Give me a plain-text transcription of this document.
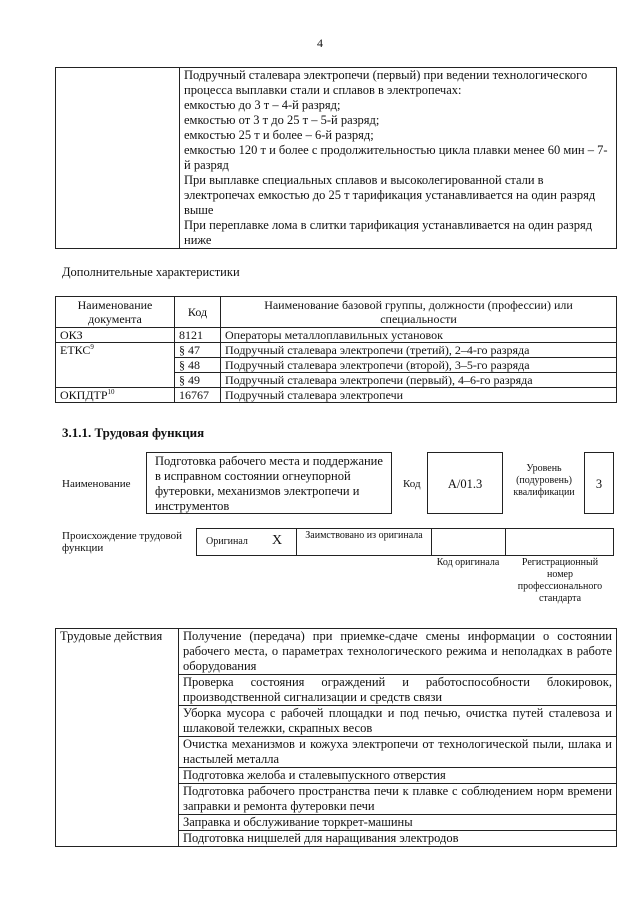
4

Подручный сталевара электропечи (первый) при ведении технологического процесса выплавки стали и сплавов в электропечах:

емкостью до 3 т – 4-й разряд;

емкостью от 3 т до 25 т – 5-й разряд;

емкостью 25 т и более – 6-й разряд;

емкостью 120 т и более с продолжительностью цикла плавки менее 60 мин – 7-й разряд

При выплавке специальных сплавов и высоколегированной стали в электропечах емкостью до 25 т тарификация устанавливается на один разряд выше

При переплавке лома в слитки тарификация устанавливается на один разряд ниже

Дополнительные характеристики
Наименование документа	Код	Наименование базовой группы, должности (профессии) или специальности
ОКЗ	8121	Операторы металлоплавильных установок
ЕТКС$^9$	§ 47	Подручный сталевара электропечи (третий), 2–4-го разряда
	§ 48	Подручный сталевара электропечи (второй), 3–5-го разряда
	§ 49	Подручный сталевара электропечи (первый), 4–6-го разряда
ОКПДТР$^{10}$	16767	Подручный сталевара электропечи
3.1.1. Трудовая функция
Наименование
Подготовка рабочего места и поддержание в исправном состоянии огнеупорной футеровки, механизмов электропечи и инструментов
Код	А/01.3
Уровень (подуровень) квалификации
3
Происхождение трудовой функции
Оригинал X	Заимствовано из оригинала
Код оригинала	Регистрационный номер профессионального стандарта
Трудовые действия	Получение (передача) при приемке-сдаче смены информации о состоянии рабочего места, о параметрах технологического режима и неполадках в работе оборудования
Проверка состояния ограждений и работоспособности блокировок, производственной сигнализации и средств связи
Уборка мусора с рабочей площадки и под печью, очистка путей сталевоза и шлаковой тележки, скрапных весов
Очистка механизмов и кожуха электропечи от технологической пыли, шлака и настылей металла
Подготовка желоба и сталевыпускного отверстия
Подготовка рабочего пространства печи к плавке с соблюдением норм времени заправки и ремонта футеровки печи
Заправка и обслуживание торкрет-машины
Подготовка ницшелей для наращивания электродов
